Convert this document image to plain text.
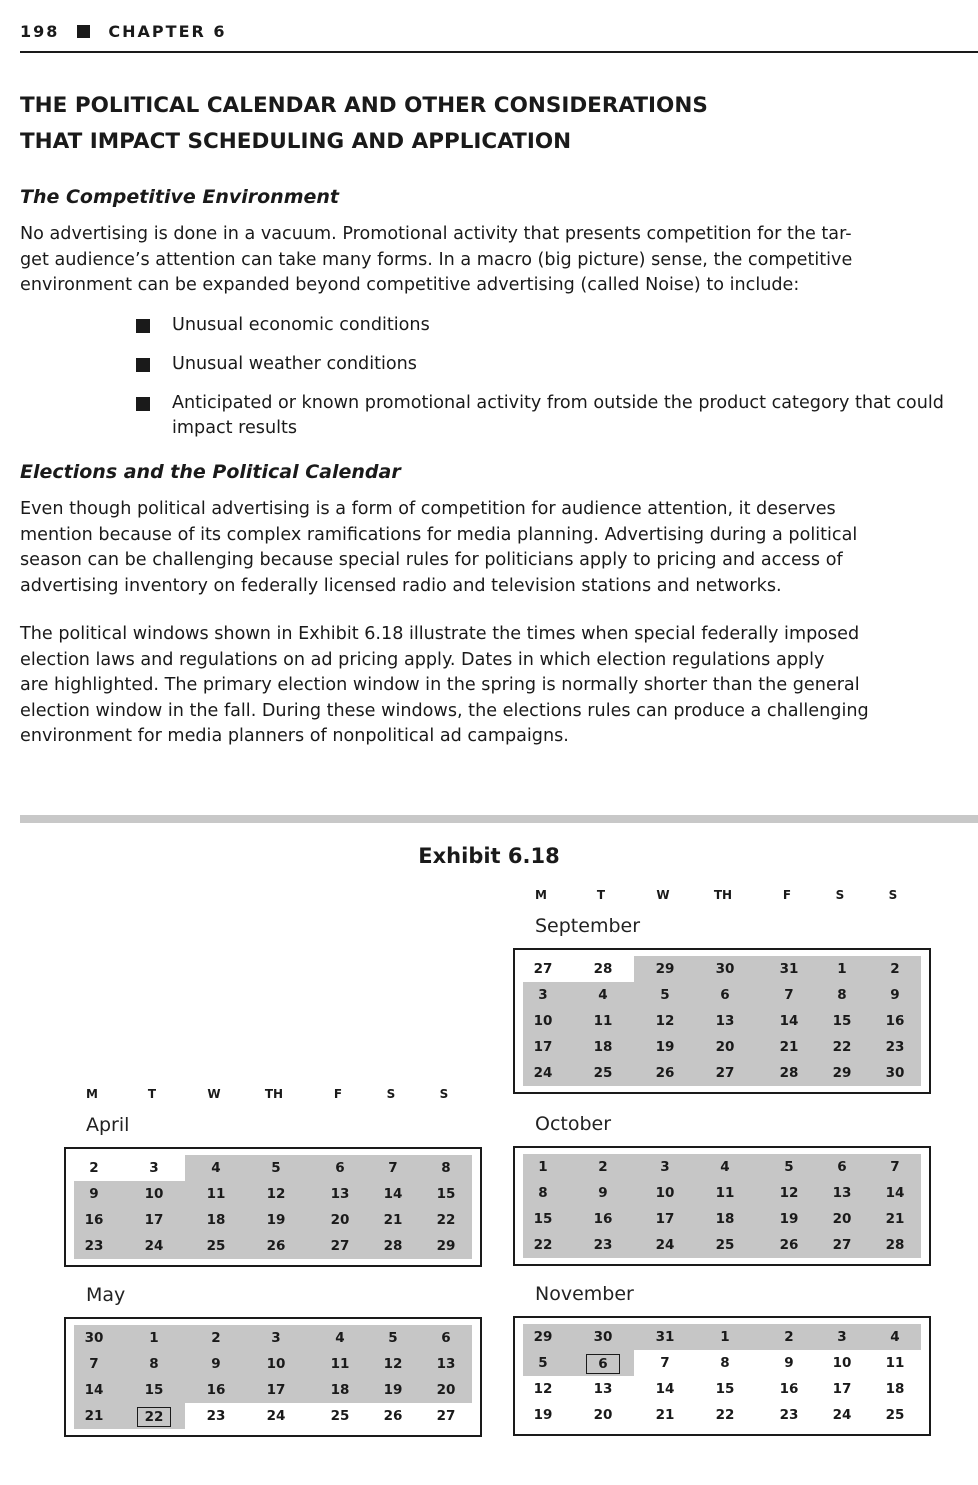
198	CHAPTER 6
THE POLITICAL CALENDAR AND OTHER CONSIDERATIONS
THAT IMPACT SCHEDULING AND APPLICATION
The Competitive Environment
No advertising is done in a vacuum. Promotional activity that presents competition for the tar-
get audience’s attention can take many forms. In a macro (big picture) sense, the competitive
environment can be expanded beyond competitive advertising (called Noise) to include:
Unusual economic conditions
Unusual weather conditions
Anticipated or known promotional activity from outside the product category that could impact results
Elections and the Political Calendar
Even though political advertising is a form of competition for audience attention, it deserves
mention because of its complex ramifications for media planning. Advertising during a political
season can be challenging because special rules for politicians apply to pricing and access of
advertising inventory on federally licensed radio and television stations and networks.
The political windows shown in Exhibit 6.18 illustrate the times when special federally imposed
election laws and regulations on ad pricing apply. Dates in which election regulations apply
are highlighted. The primary election window in the spring is normally shorter than the general
election window in the fall. During these windows, the elections rules can produce a challenging
environment for media planners of nonpolitical ad campaigns.
Exhibit 6.18
M	T	W	TH	F	S	S
April
2	3	4	5	6	7	8
9	10	11	12	13	14	15
16	17	18	19	20	21	22
23	24	25	26	27	28	29
May
30	1	2	3	4	5	6
7	8	9	10	11	12	13
14	15	16	17	18	19	20
21	22	23	24	25	26	27
M	T	W	TH	F	S	S
September
27	28	29	30	31	1	2
3	4	5	6	7	8	9
10	11	12	13	14	15	16
17	18	19	20	21	22	23
24	25	26	27	28	29	30
October
1	2	3	4	5	6	7
8	9	10	11	12	13	14
15	16	17	18	19	20	21
22	23	24	25	26	27	28
November
29	30	31	1	2	3	4
5	6	7	8	9	10	11
12	13	14	15	16	17	18
19	20	21	22	23	24	25
